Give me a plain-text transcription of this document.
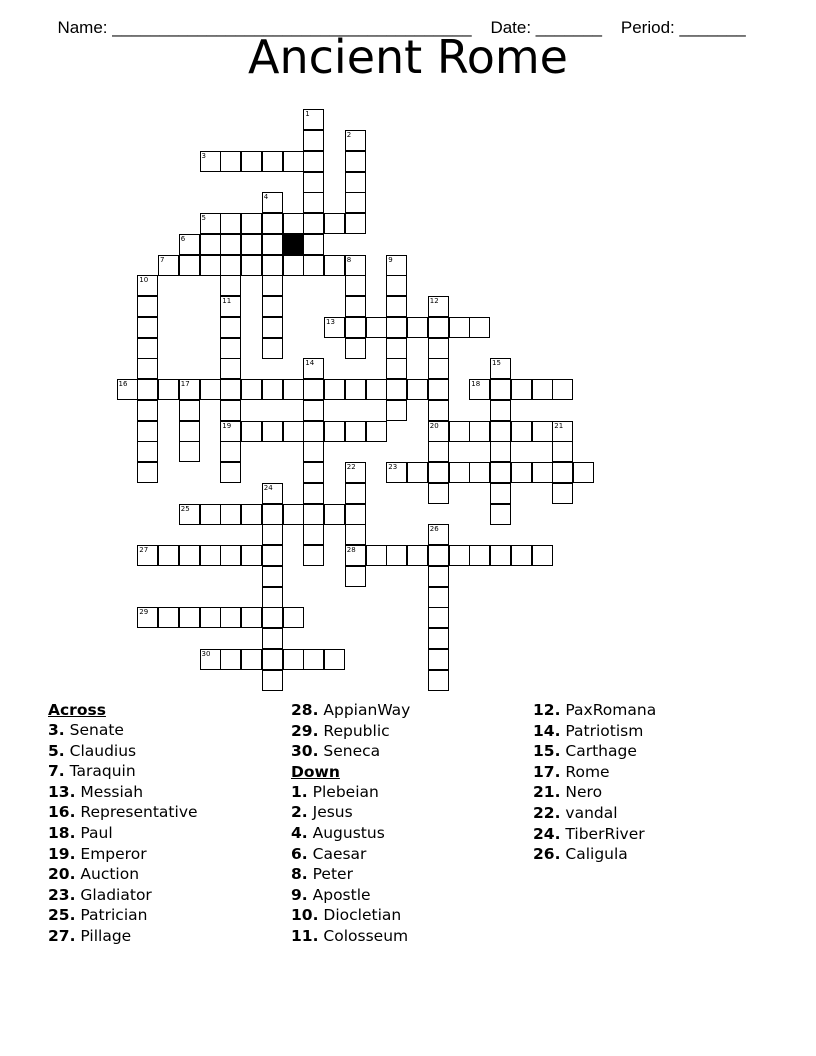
Name: ______________________________________ Date: _______ Period: _______

Ancient Rome
1
2
3
4
5
6
7	8	9
10
11	12
13
14	15
16	17	18
19	20	21
22	23
24
25
26
27	28
29
30
Across
3. Senate
5. Claudius
7. Taraquin
13. Messiah
16. Representative
18. Paul
19. Emperor
20. Auction
23. Gladiator
25. Patrician
27. Pillage
28. AppianWay
29. Republic
30. Seneca
Down
1. Plebeian
2. Jesus
4. Augustus
6. Caesar
8. Peter
9. Apostle
10. Diocletian
11. Colosseum
12. PaxRomana
14. Patriotism
15. Carthage
17. Rome
21. Nero
22. vandal
24. TiberRiver
26. Caligula
